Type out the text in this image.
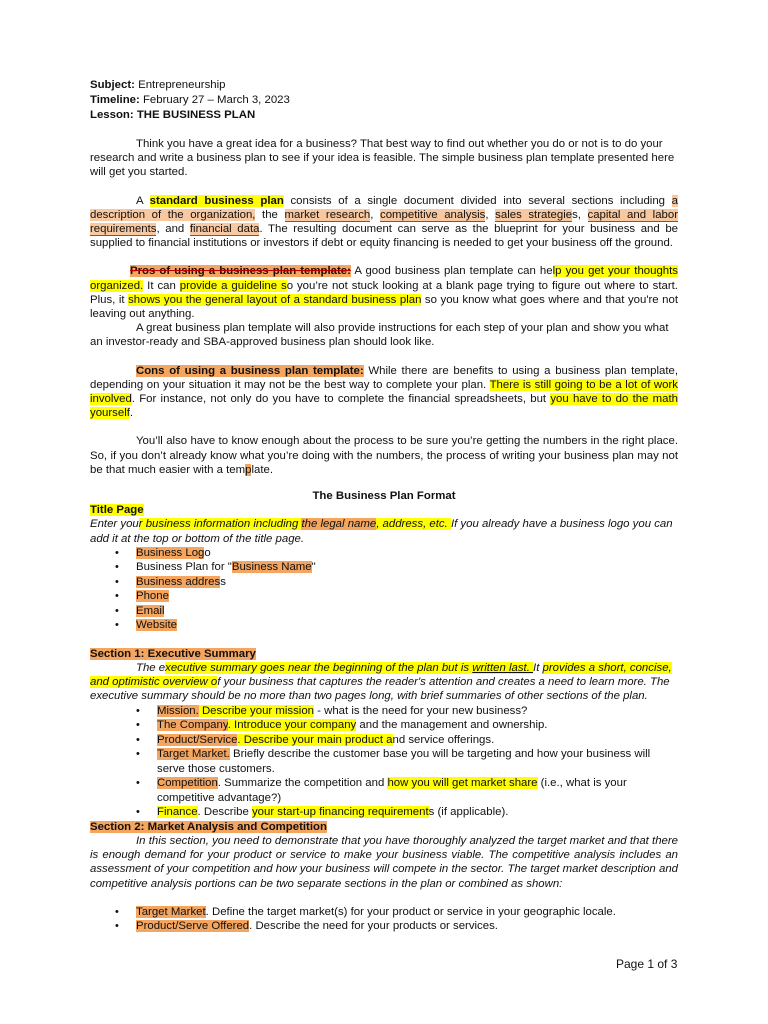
Subject: Entrepreneurship

Timeline: February 27 – March 3, 2023

Lesson: THE BUSINESS PLAN

Think you have a great idea for a business? That best way to find out whether you do or not is to do your research and write a business plan to see if your idea is feasible. The simple business plan template presented here will get you started.

A standard business plan consists of a single document divided into several sections including a description of the organization, the market research, competitive analysis, sales strategies, capital and labor requirements, and financial data. The resulting document can serve as the blueprint for your business and be supplied to financial institutions or investors if debt or equity financing is needed to get your business off the ground.

Pros of using a business plan template: A good business plan template can help you get your thoughts organized. It can provide a guideline so you’re not stuck looking at a blank page trying to figure out where to start. Plus, it shows you the general layout of a standard business plan so you know what goes where and that you're not leaving out anything.

A great business plan template will also provide instructions for each step of your plan and show you what an investor-ready and SBA-approved business plan should look like.

Cons of using a business plan template: While there are benefits to using a business plan template, depending on your situation it may not be the best way to complete your plan. There is still going to be a lot of work involved. For instance, not only do you have to complete the financial spreadsheets, but you have to do the math yourself.

You’ll also have to know enough about the process to be sure you’re getting the numbers in the right place. So, if you don’t already know what you’re doing with the numbers, the process of writing your business plan may not be that much easier with a template.

The Business Plan Format

Title Page

Enter your business information including the legal name, address, etc. If you already have a business logo you can add it at the top or bottom of the title page.

• Business Logo
• Business Plan for "Business Name"
• Business address
• Phone
• Email
• Website

Section 1: Executive Summary

The executive summary goes near the beginning of the plan but is written last. It provides a short, concise, and optimistic overview of your business that captures the reader's attention and creates a need to learn more. The executive summary should be no more than two pages long, with brief summaries of other sections of the plan.

• Mission. Describe your mission - what is the need for your new business?
• The Company. Introduce your company and the management and ownership.
• Product/Service. Describe your main product and service offerings.
• Target Market. Briefly describe the customer base you will be targeting and how your business will serve those customers.
• Competition. Summarize the competition and how you will get market share (i.e., what is your competitive advantage?)
• Finance. Describe your start-up financing requirements (if applicable).

Section 2: Market Analysis and Competition

In this section, you need to demonstrate that you have thoroughly analyzed the target market and that there is enough demand for your product or service to make your business viable. The competitive analysis includes an assessment of your competition and how your business will compete in the sector. The target market description and competitive analysis portions can be two separate sections in the plan or combined as shown:

• Target Market. Define the target market(s) for your product or service in your geographic locale.
• Product/Serve Offered. Describe the need for your products or services.
Page 1 of 3
